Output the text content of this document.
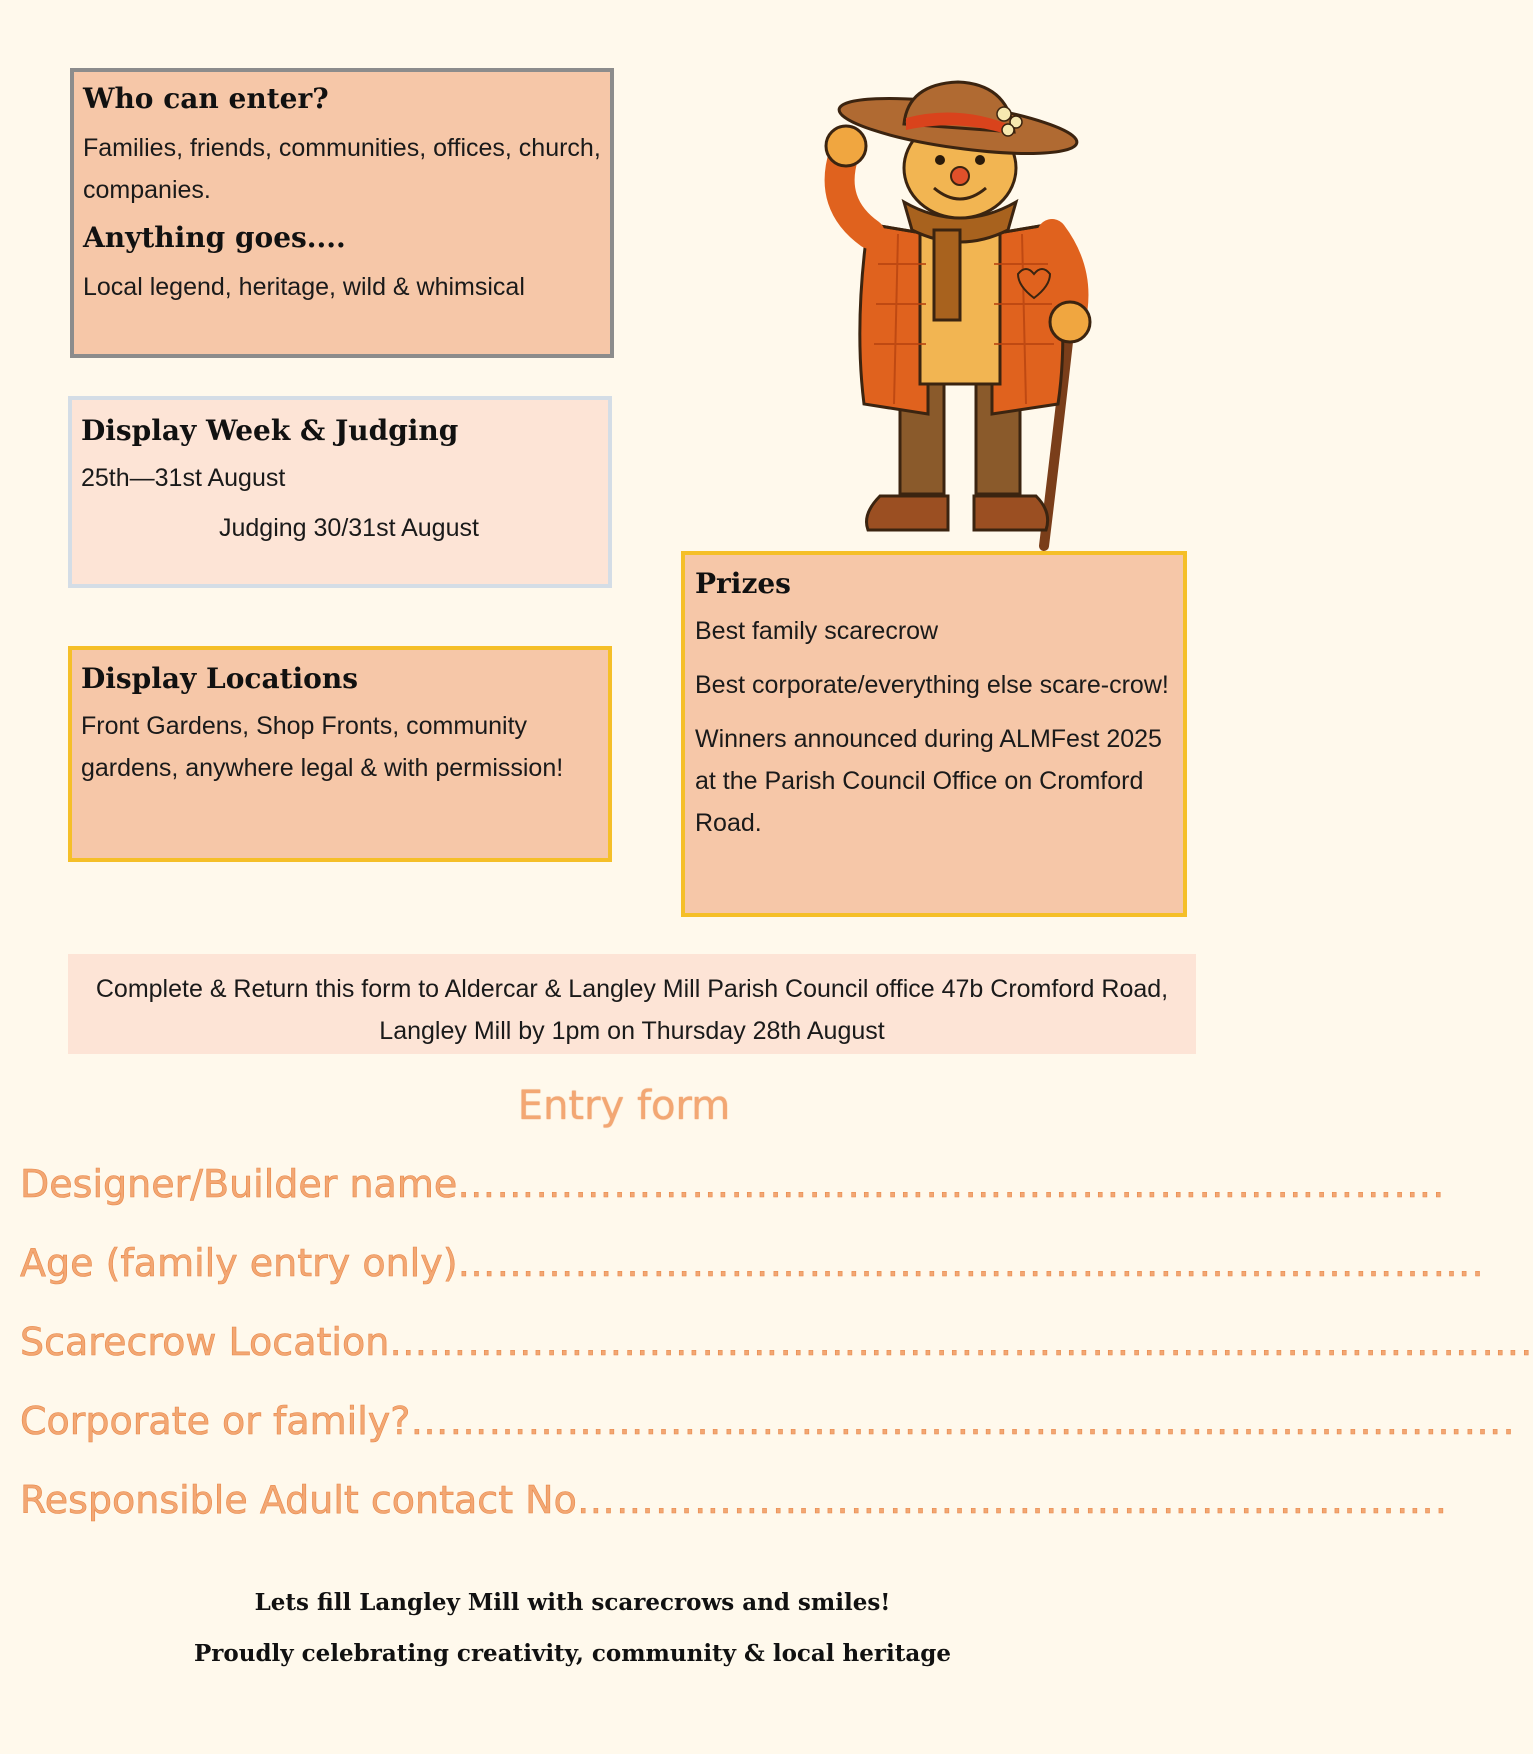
Who can enter?

Families, friends, communities, offices, church, companies.

Anything goes....

Local legend, heritage, wild & whimsical

Display Week & Judging

25th—31st August

Judging 30/31st August

Display Locations

Front Gardens, Shop Fronts, community gardens, anywhere legal & with permission!

Prizes

Best family scarecrow

Best corporate/everything else scare-crow!

Winners announced during ALMFest 2025 at the Parish Council Office on Cromford Road.

Complete & Return this form to Aldercar & Langley Mill Parish Council office 47b Cromford Road, Langley Mill by 1pm on Thursday 28th August

Entry form
Designer/Builder name………………………………………………………………….
Age (family entry only)…………………………………………………………………….
Scarecrow Location…………………………………………………………………………….
Corporate or family?………………………………………………………………………….
Responsible Adult contact No………………………………………………………….
Lets fill Langley Mill with scarecrows and smiles!
Proudly celebrating creativity, community & local heritage
